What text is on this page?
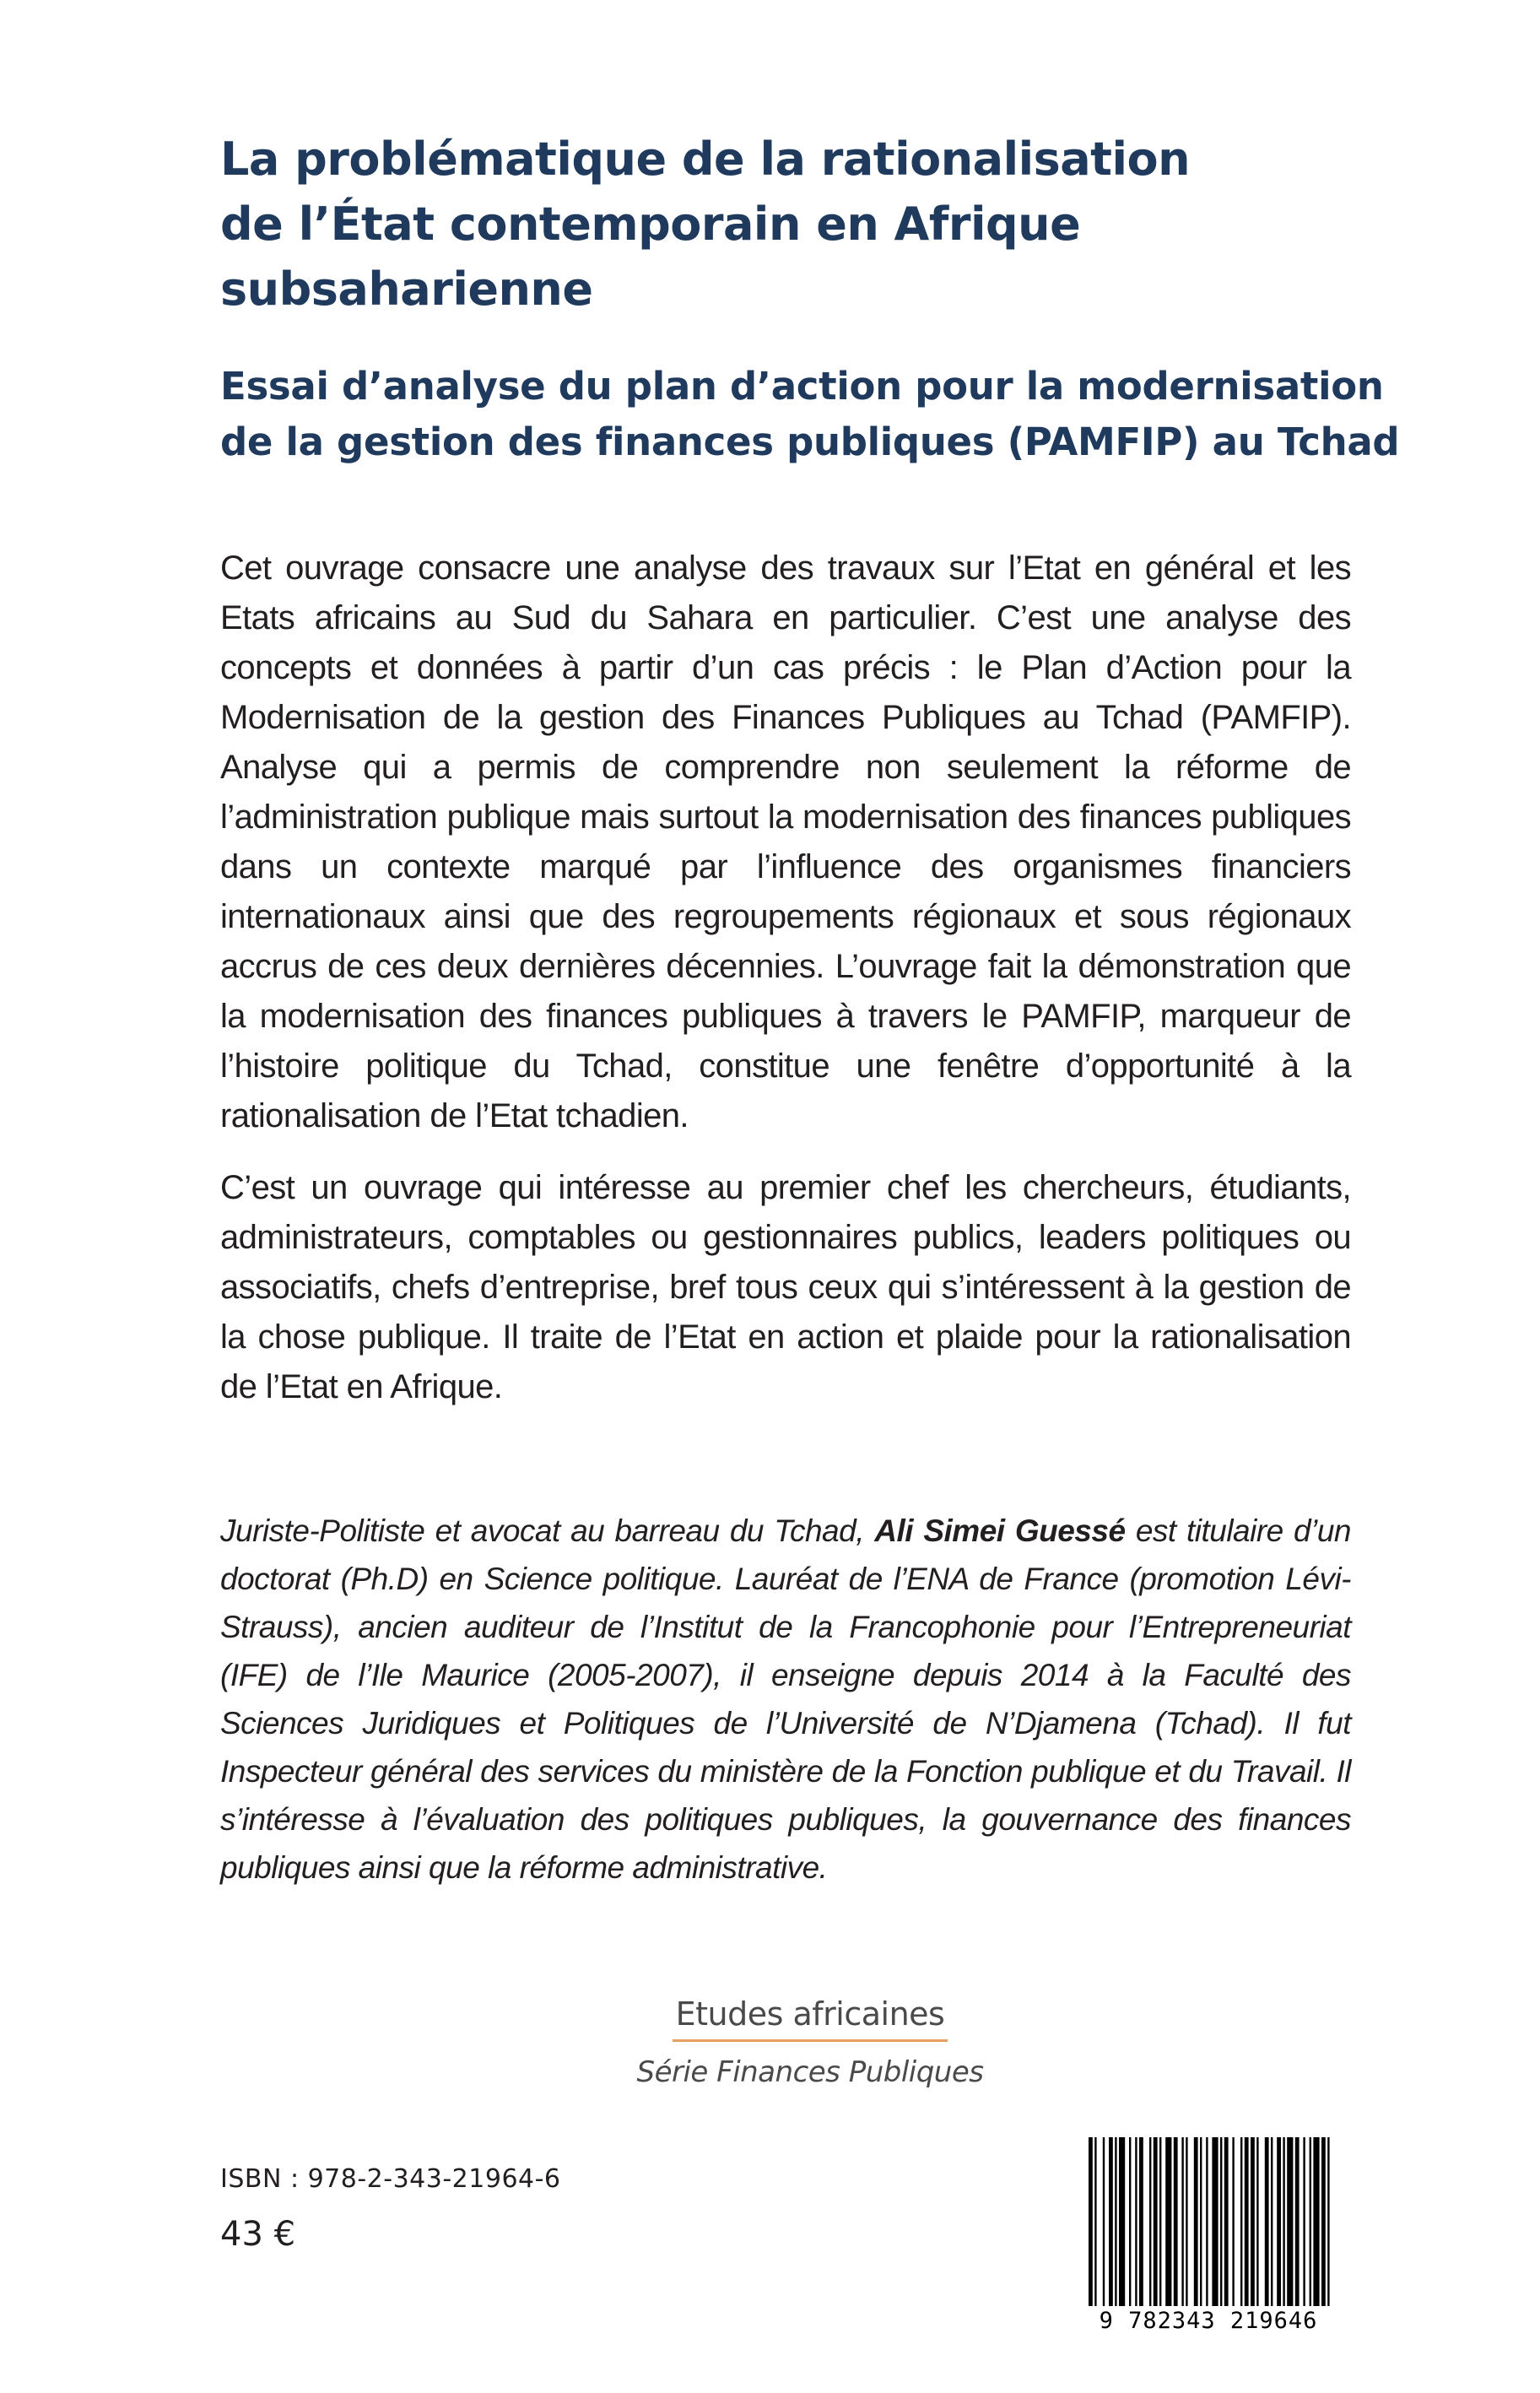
La problématique de la rationalisation
de l’État contemporain en Afrique
subsaharienne
Essai d’analyse du plan d’action pour la modernisation
de la gestion des finances publiques (PAMFIP) au Tchad

Cet ouvrage consacre une analyse des travaux sur l’Etat en général et les Etats africains au Sud du Sahara en particulier. C’est une analyse des concepts et données à partir d’un cas précis : le Plan d’Action pour la Modernisation de la gestion des Finances Publiques au Tchad (PAMFIP). Analyse qui a permis de comprendre non seulement la réforme de l’administration publique mais surtout la modernisation des finances publiques dans un contexte marqué par l’influence des organismes financiers internationaux ainsi que des regroupements régionaux et sous régionaux accrus de ces deux dernières décennies. L’ouvrage fait la démonstration que la modernisation des finances publiques à travers le PAMFIP, marqueur de l’histoire politique du Tchad, constitue une fenêtre d’opportunité à la rationalisation de l’Etat tchadien.

C’est un ouvrage qui intéresse au premier chef les chercheurs, étudiants, administrateurs, comptables ou gestionnaires publics, leaders politiques ou associatifs, chefs d’entreprise, bref tous ceux qui s’intéressent à la gestion de la chose publique. Il traite de l’Etat en action et plaide pour la rationalisation de l’Etat en Afrique.

Juriste-Politiste et avocat au barreau du Tchad, Ali Simei Guessé est titulaire d’un doctorat (Ph.D) en Science politique. Lauréat de l’ENA de France (promotion Lévi-Strauss), ancien auditeur de l’Institut de la Francophonie pour l’Entrepreneuriat (IFE) de l’Ile Maurice (2005-2007), il enseigne depuis 2014 à la Faculté des Sciences Juridiques et Politiques de l’Université de N’Djamena (Tchad). Il fut Inspecteur général des services du ministère de la Fonction publique et du Travail. Il s’intéresse à l’évaluation des politiques publiques, la gouvernance des finances publiques ainsi que la réforme administrative.

Etudes africaines
Série Finances Publiques
ISBN : 978-2-343-21964-6
43 €
9 782343 219646
